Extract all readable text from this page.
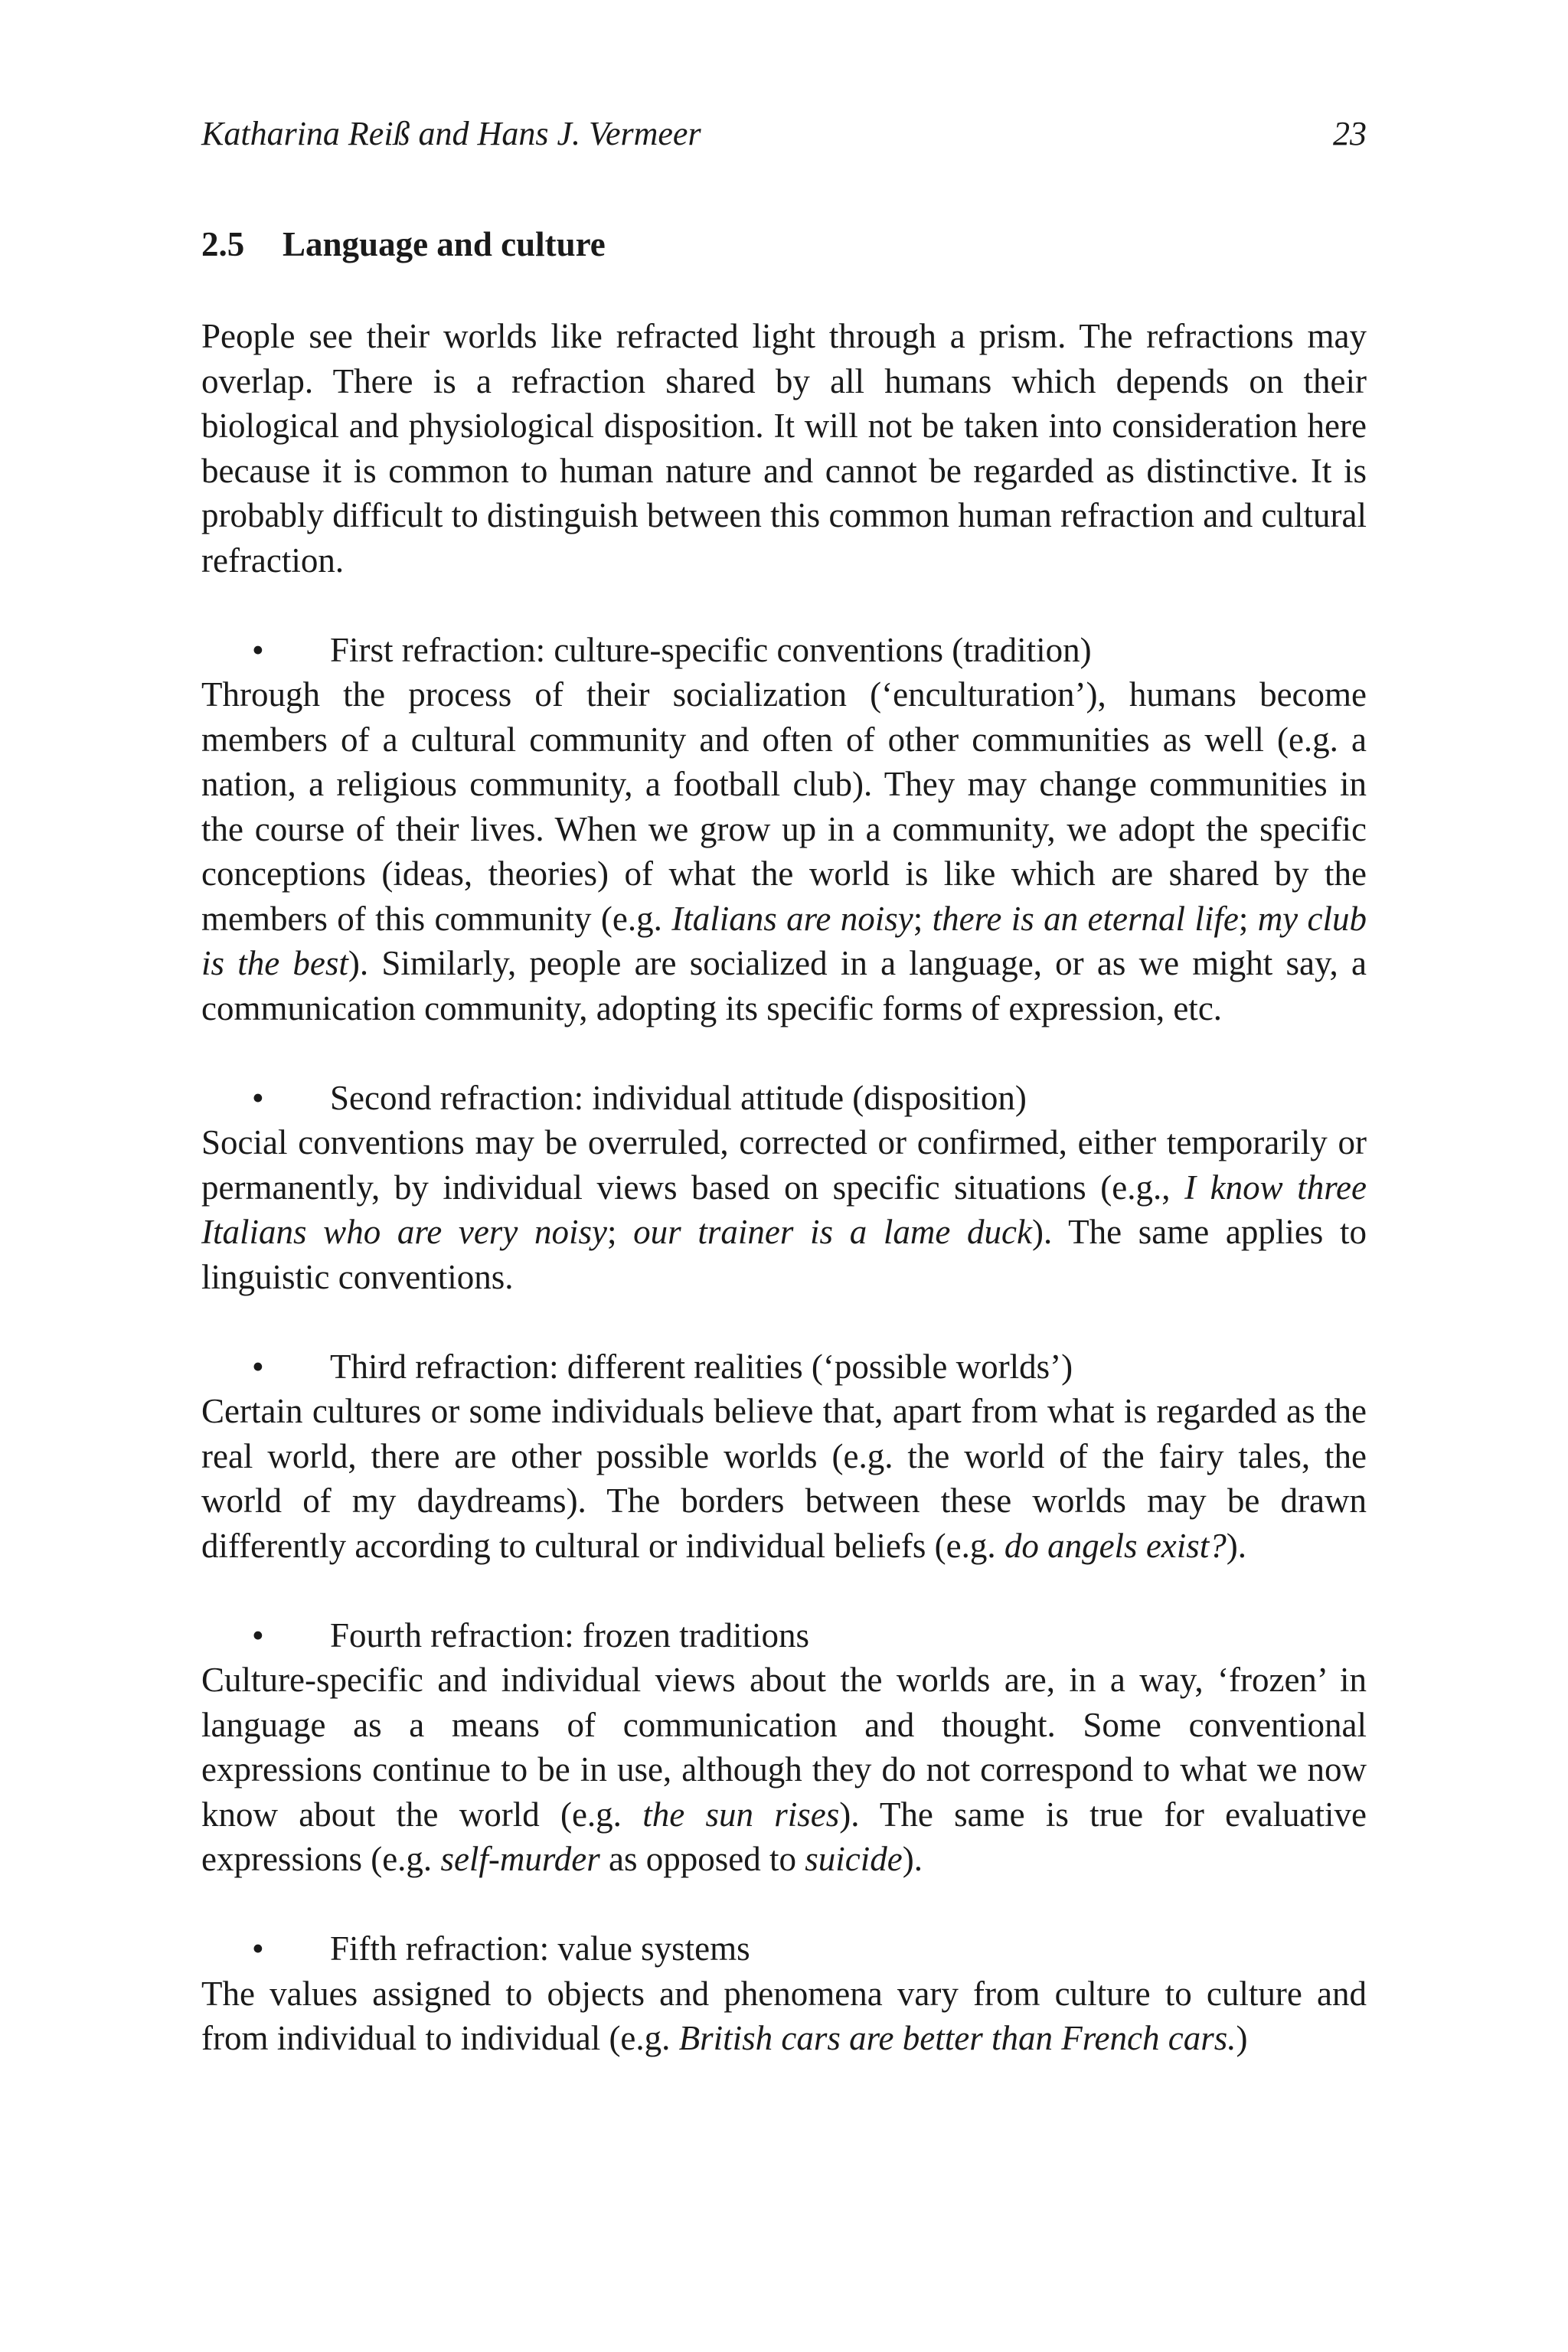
Katharina Reiß and Hans J. Vermeer	23
2.5 Language and culture

People see their worlds like refracted light through a prism. The refractions may overlap. There is a refraction shared by all humans which depends on their biological and physiological disposition. It will not be taken into consideration here because it is common to human nature and cannot be regarded as distinctive. It is probably difficult to distinguish between this common human refraction and cultural refraction.

• First refraction: culture-specific conventions (tradition)

Through the process of their socialization (‘enculturation’), humans become members of a cultural community and often of other communities as well (e.g. a nation, a religious community, a football club). They may change communities in the course of their lives. When we grow up in a community, we adopt the specific conceptions (ideas, theories) of what the world is like which are shared by the members of this community (e.g. Italians are noisy; there is an eternal life; my club is the best). Similarly, people are socialized in a language, or as we might say, a communication community, adopting its specific forms of expression, etc.

• Second refraction: individual attitude (disposition)

Social conventions may be overruled, corrected or confirmed, either temporarily or permanently, by individual views based on specific situations (e.g., I know three Italians who are very noisy; our trainer is a lame duck). The same applies to linguistic conventions.

• Third refraction: different realities (‘possible worlds’)

Certain cultures or some individuals believe that, apart from what is regarded as the real world, there are other possible worlds (e.g. the world of the fairy tales, the world of my daydreams). The borders between these worlds may be drawn differently according to cultural or individual beliefs (e.g. do angels exist?).

• Fourth refraction: frozen traditions

Culture-specific and individual views about the worlds are, in a way, ‘frozen’ in language as a means of communication and thought. Some conventional expressions continue to be in use, although they do not correspond to what we now know about the world (e.g. the sun rises). The same is true for evaluative expressions (e.g. self-murder as opposed to suicide).

• Fifth refraction: value systems

The values assigned to objects and phenomena vary from culture to culture and from individual to individual (e.g. British cars are better than French cars.)
